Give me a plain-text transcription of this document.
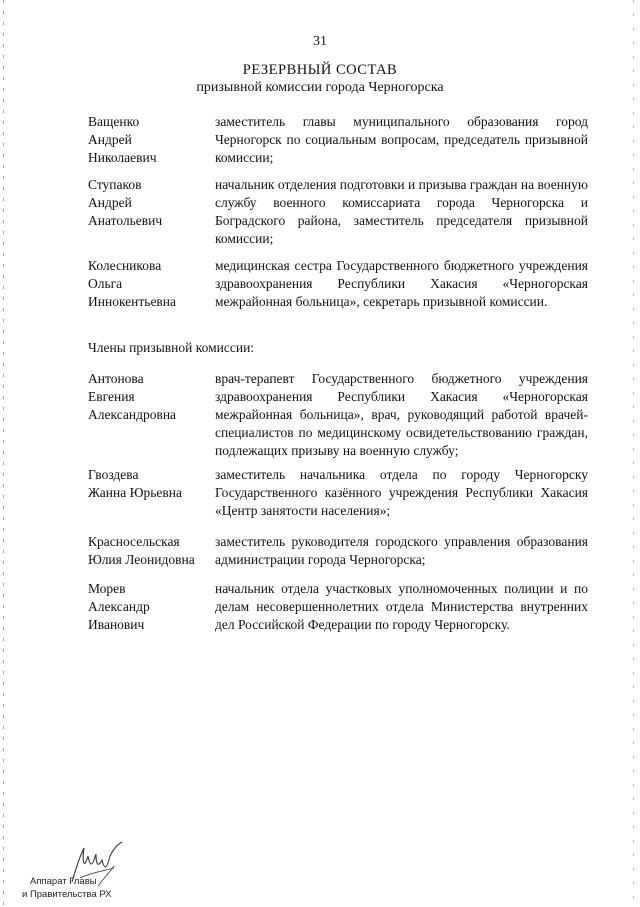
31
РЕЗЕРВНЫЙ СОСТАВ
призывной комиссии города Черногорска
Ващенко
Андрей
Николаевич
заместитель главы муниципального образования город Черногорск по социальным вопросам, председатель призывной комиссии;
Ступаков
Андрей
Анатольевич
начальник отделения подготовки и призыва граждан на военную службу военного комиссариата города Черногорска и Боградского района, заместитель председателя призывной комиссии;
Колесникова
Ольга
Иннокентьевна
медицинская сестра Государственного бюджетного учреждения здравоохранения Республики Хакасия «Черногорская межрайонная больница», секретарь призывной комиссии.
Члены призывной комиссии:
Антонова
Евгения
Александровна
врач-терапевт Государственного бюджетного учреждения здравоохранения Республики Хакасия «Черногорская межрайонная больница», врач, руководящий работой врачей-специалистов по медицинскому освидетельствованию граждан, подлежащих призыву на военную службу;
Гвоздева
Жанна Юрьевна
заместитель начальника отдела по городу Черногорску Государственного казённого учреждения Республики Хакасия «Центр занятости населения»;
Красносельская
Юлия Леонидовна
заместитель руководителя городского управления образования администрации города Черногорска;
Морев
Александр
Иванович
начальник отдела участковых уполномоченных полиции и по делам несовершеннолетних отдела Министерства внутренних дел Российской Федерации по городу Черногорску.
Аппарат Главы
и Правительства РХ
